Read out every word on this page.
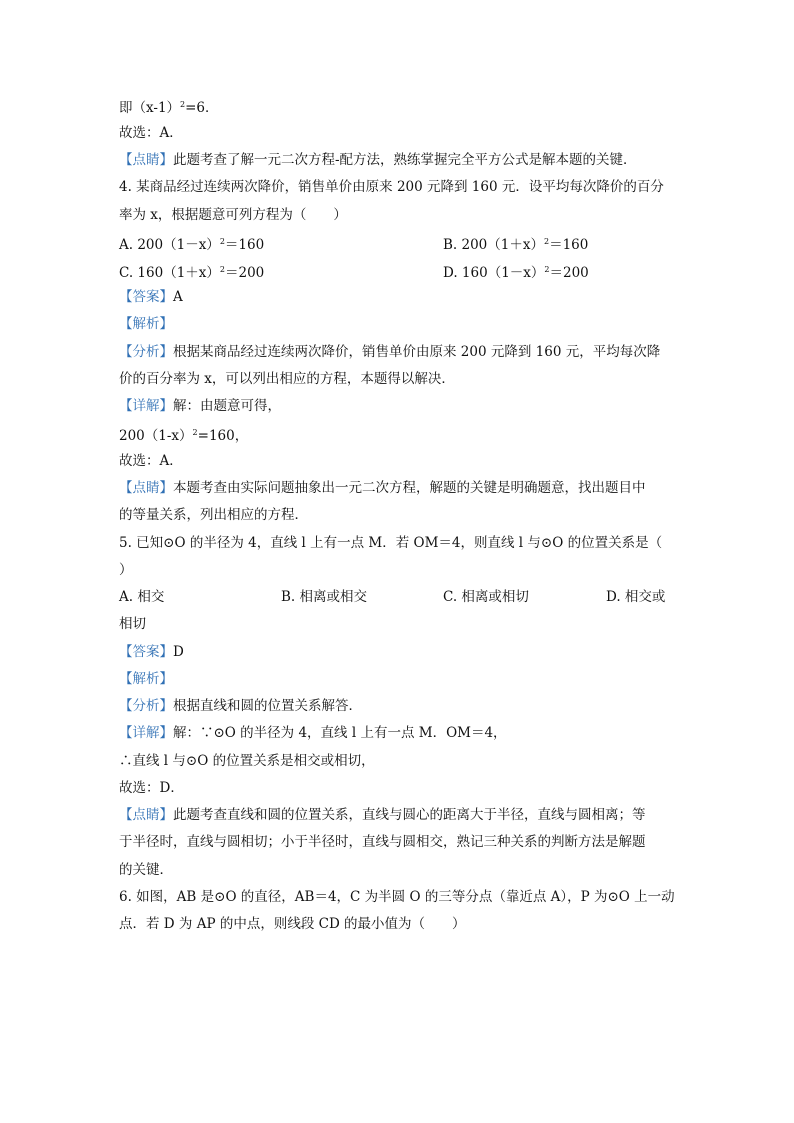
即$(x-1)^2=6$．
故选：A．
【点睛】此题考查了解一元二次方程-配方法，熟练掌握完全平方公式是解本题的关键．
4. 某商品经过连续两次降价，销售单价由原来 200 元降到 160 元．设平均每次降价的百分
率为 x，根据题意可列方程为（　　）
A. $200(1-x)^2=160$	B. $200(1+x)^2=160$
C. $160(1+x)^2=200$	D. $160(1-x)^2=200$
【答案】A
【解析】
【分析】根据某商品经过连续两次降价，销售单价由原来 200 元降到 160 元，平均每次降
价的百分率为 x，可以列出相应的方程，本题得以解决．
【详解】解：由题意可得，
$200(1-x)^2=160$，
故选：A．
【点睛】本题考查由实际问题抽象出一元二次方程，解题的关键是明确题意，找出题目中
的等量关系，列出相应的方程．
5. 已知⊙O 的半径为 4，直线 l 上有一点 M．若 OM＝4，则直线 l 与⊙O 的位置关系是（
）
A. 相交	B. 相离或相交	C. 相离或相切	D. 相交或
相切
【答案】D
【解析】
【分析】根据直线和圆的位置关系解答．
【详解】解：∵⊙O 的半径为 4，直线 l 上有一点 M．OM＝4，
∴直线 l 与⊙O 的位置关系是相交或相切，
故选：D．
【点睛】此题考查直线和圆的位置关系，直线与圆心的距离大于半径，直线与圆相离；等
于半径时，直线与圆相切；小于半径时，直线与圆相交，熟记三种关系的判断方法是解题
的关键．
6. 如图，AB 是⊙O 的直径，AB＝4，C 为半圆 O 的三等分点（靠近点 A），P 为⊙O 上一动
点．若 D 为 AP 的中点，则线段 CD 的最小值为（　　）
